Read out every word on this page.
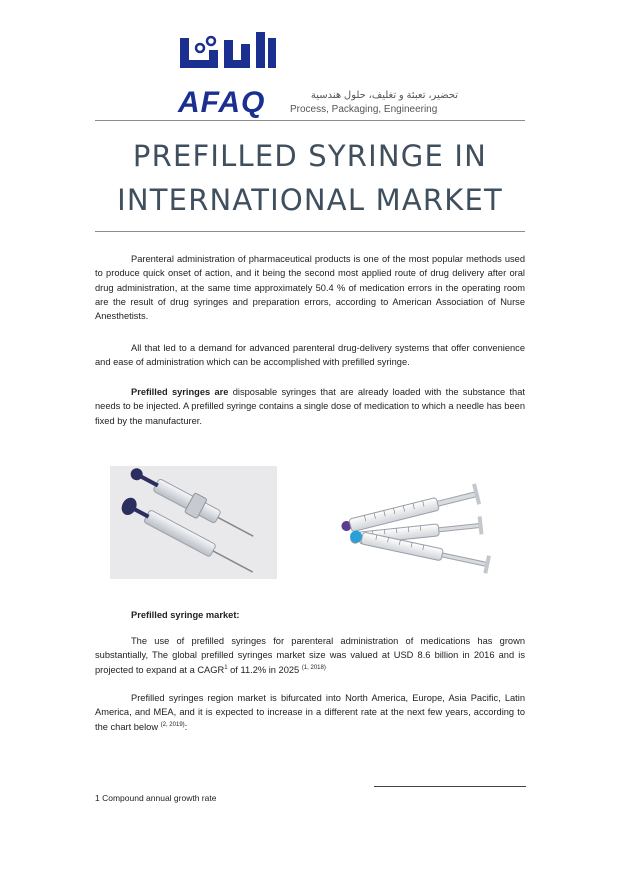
AFAQ	تحضير، تعبئة و تغليف، حلول هندسية
Process, Packaging, Engineering
PREFILLED SYRINGE IN
INTERNATIONAL MARKET

Parenteral administration of pharmaceutical products is one of the most popular methods used to produce quick onset of action, and it being the second most applied route of drug delivery after oral drug administration, at the same time approximately 50.4 % of medication errors in the operating room are the result of drug syringes and preparation errors, according to American Association of Nurse Anesthetists.

All that led to a demand for advanced parenteral drug-delivery systems that offer convenience and ease of administration which can be accomplished with prefilled syringe.

Prefilled syringes are disposable syringes that are already loaded with the substance that needs to be injected. A prefilled syringe contains a single dose of medication to which a needle has been fixed by the manufacturer.

Prefilled syringe market:

The use of prefilled syringes for parenteral administration of medications has grown substantially, The global prefilled syringes market size was valued at USD 8.6 billion in 2016 and is projected to expand at a CAGR$^1$ of 11.2% in 2025 $^{(1, 2018)}$

Prefilled syringes region market is bifurcated into North America, Europe, Asia Pacific, Latin America, and MEA, and it is expected to increase in a different rate at the next few years, according to the chart below $^{(2, 2019)}$:

1 Compound annual growth rate
